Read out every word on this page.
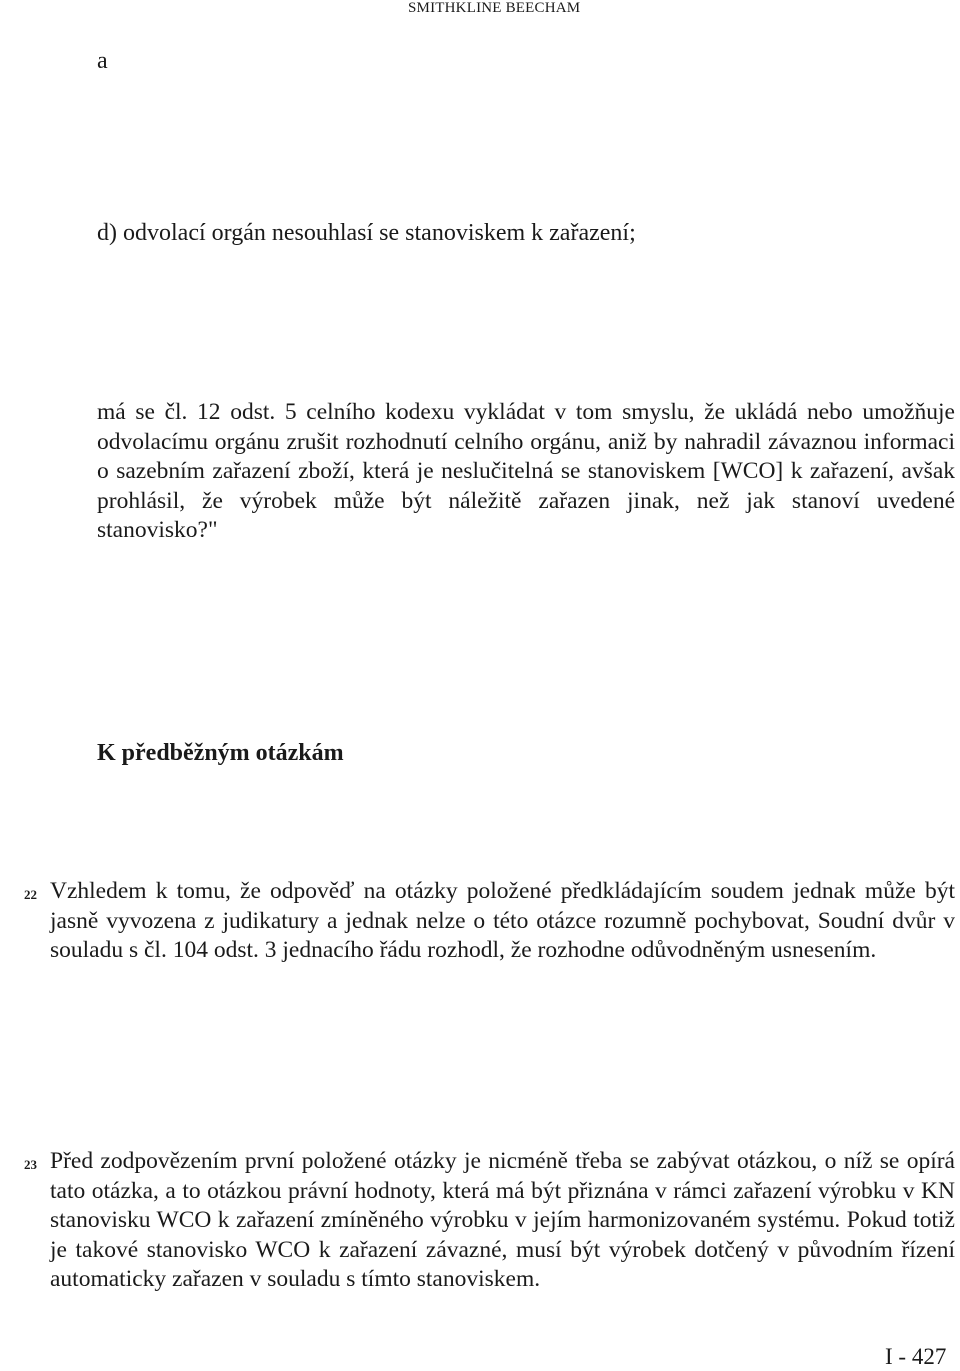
SMITHKLINE BEECHAM
a
d) odvolací orgán nesouhlasí se stanoviskem k zařazení;
má se čl. 12 odst. 5 celního kodexu vykládat v tom smyslu, že ukládá nebo umožňuje odvolacímu orgánu zrušit rozhodnutí celního orgánu, aniž by nahradil závaznou informaci o sazebním zařazení zboží, která je neslučitelná se stanoviskem [WCO] k zařazení, avšak prohlásil, že výrobek může být náležitě zařazen jinak, než jak stanoví uvedené stanovisko?"
K předběžným otázkám
22 Vzhledem k tomu, že odpověď na otázky položené předkládajícím soudem jednak může být jasně vyvozena z judikatury a jednak nelze o této otázce rozumně pochybovat, Soudní dvůr v souladu s čl. 104 odst. 3 jednacího řádu rozhodl, že rozhodne odůvodněným usnesením.
23 Před zodpovězením první položené otázky je nicméně třeba se zabývat otázkou, o níž se opírá tato otázka, a to otázkou právní hodnoty, která má být přiznána v rámci zařazení výrobku v KN stanovisku WCO k zařazení zmíněného výrobku v jejím harmonizovaném systému. Pokud totiž je takové stanovisko WCO k zařazení závazné, musí být výrobek dotčený v původním řízení automaticky zařazen v souladu s tímto stanoviskem.
I - 427
